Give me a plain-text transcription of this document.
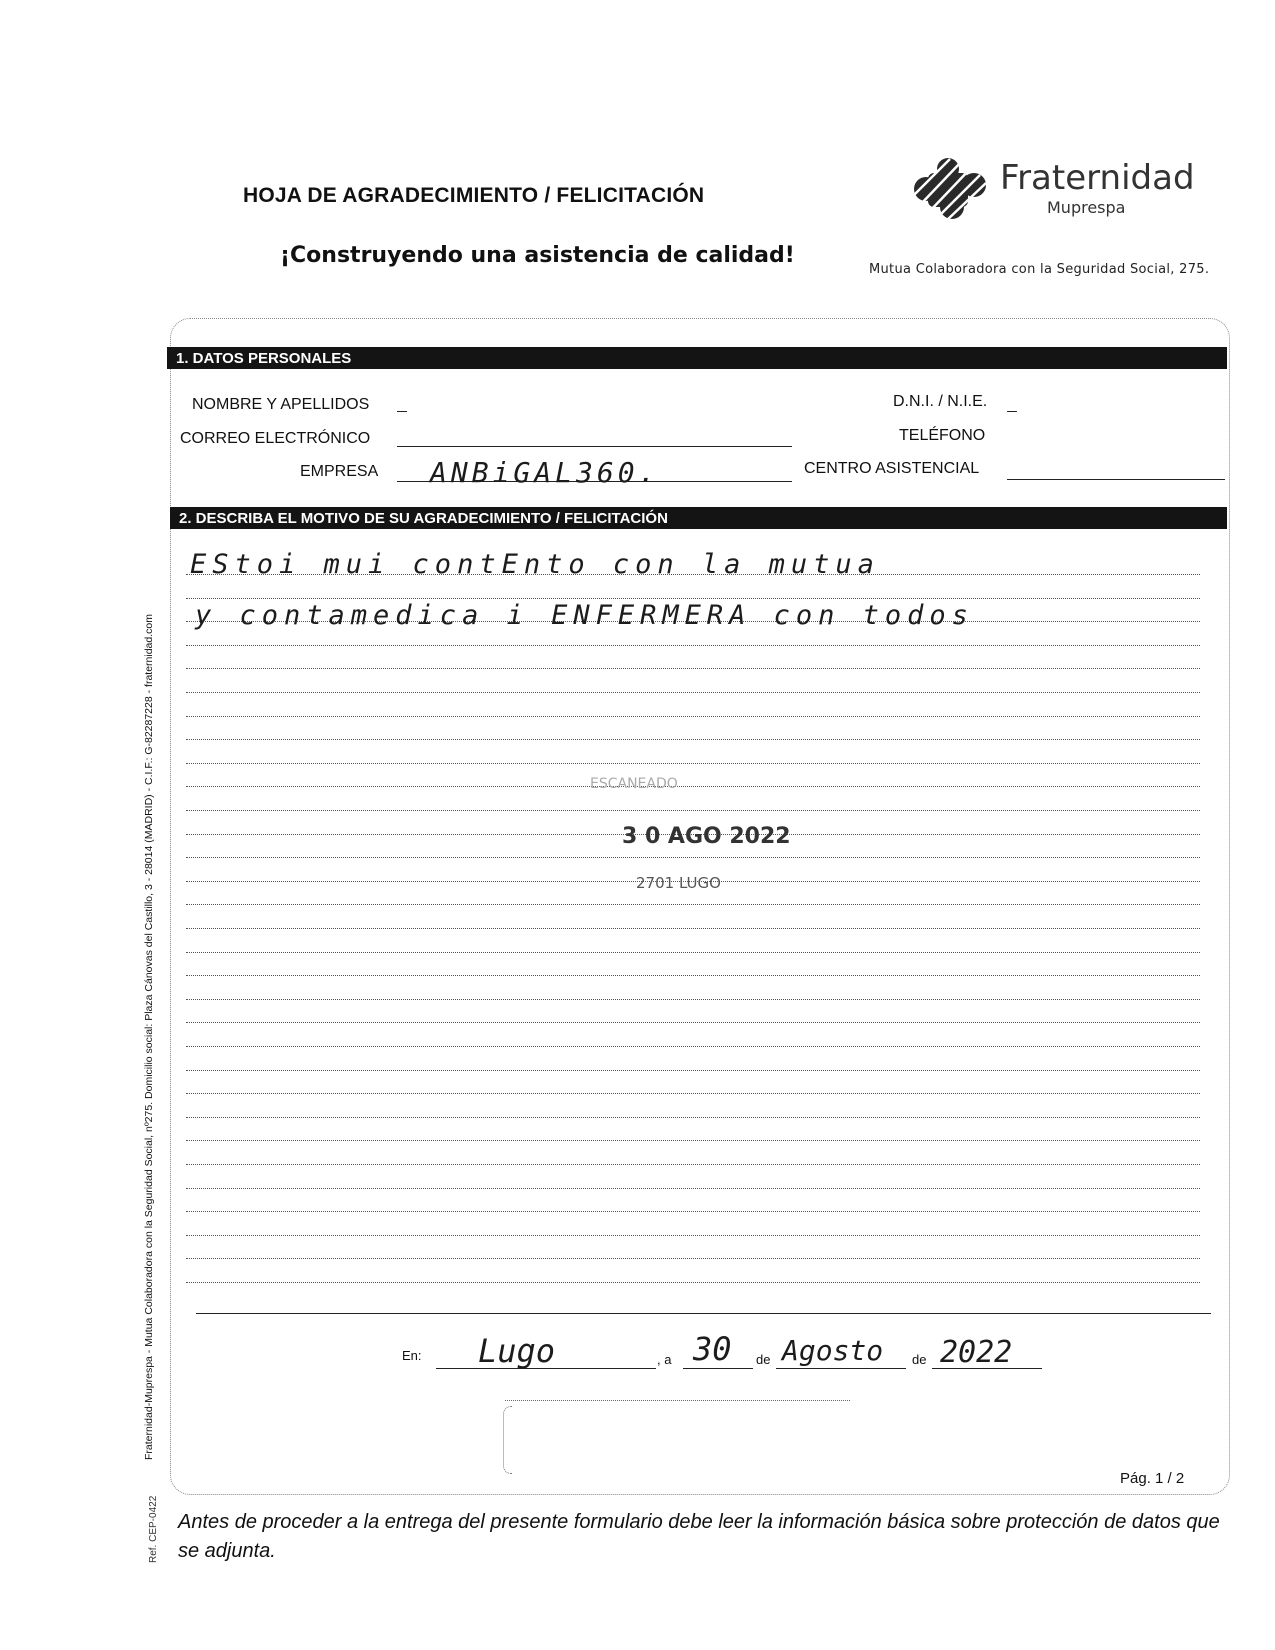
HOJA DE AGRADECIMIENTO / FELICITACIÓN
¡Construyendo una asistencia de calidad!
Fraternidad
Muprespa
Mutua Colaboradora con la Seguridad Social, 275.
Fraternidad-Muprespa - Mutua Colaboradora con la Seguridad Social, nº275. Domicilio social: Plaza Cánovas del Castillo, 3 - 28014 (MADRID) - C.I.F.: G-82287228 - fraternidad.com
Ref. CEP-0422
1. DATOS PERSONALES
NOMBRE Y APELLIDOS
CORREO ELECTRÓNICO
EMPRESA ANBiGAL360.
D.N.I. / N.I.E.
TELÉFONO
CENTRO ASISTENCIAL
2. DESCRIBA EL MOTIVO DE SU AGRADECIMIENTO / FELICITACIÓN
EStoi mui contEnto con la mutua
y contamedica i ENFERMERA con todos
ESCANEADO
3 0 AGO 2022
2701 LUGO
En: Lugo	, a 30 de Agosto de 2022
Pág. 1 / 2
Antes de proceder a la entrega del presente formulario debe leer la información básica sobre protección de datos que se adjunta.
